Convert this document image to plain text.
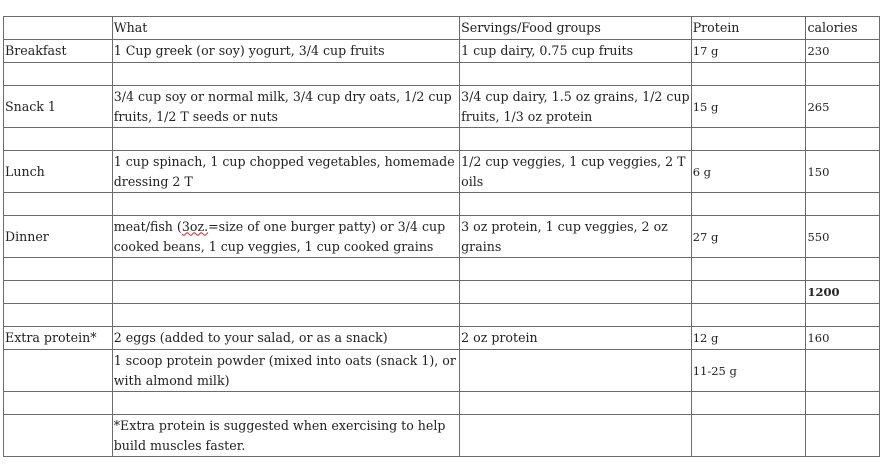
	What	Servings/Food groups	Protein	calories
Breakfast	1 Cup greek (or soy) yogurt, 3/4 cup fruits	1 cup dairy, 0.75 cup fruits	17 g	230

Snack 1	3/4 cup soy or normal milk, 3/4 cup dry oats, 1/2 cup fruits, 1/2 T seeds or nuts	3/4 cup dairy, 1.5 oz grains, 1/2 cup fruits, 1/3 oz protein	15 g	265

Lunch	1 cup spinach, 1 cup chopped vegetables, homemade dressing 2 T	1/2 cup veggies, 1 cup veggies, 2 T oils	6 g	150

Dinner	meat/fish (3oz.=size of one burger patty) or 3/4 cup cooked beans, 1 cup veggies, 1 cup cooked grains	3 oz protein, 1 cup veggies, 2 oz grains	27 g	550

				1200

Extra protein*	2 eggs (added to your salad, or as a snack)	2 oz protein	12 g	160
	1 scoop protein powder (mixed into oats (snack 1), or with almond milk)		11-25 g	

	*Extra protein is suggested when exercising to help build muscles faster.			
